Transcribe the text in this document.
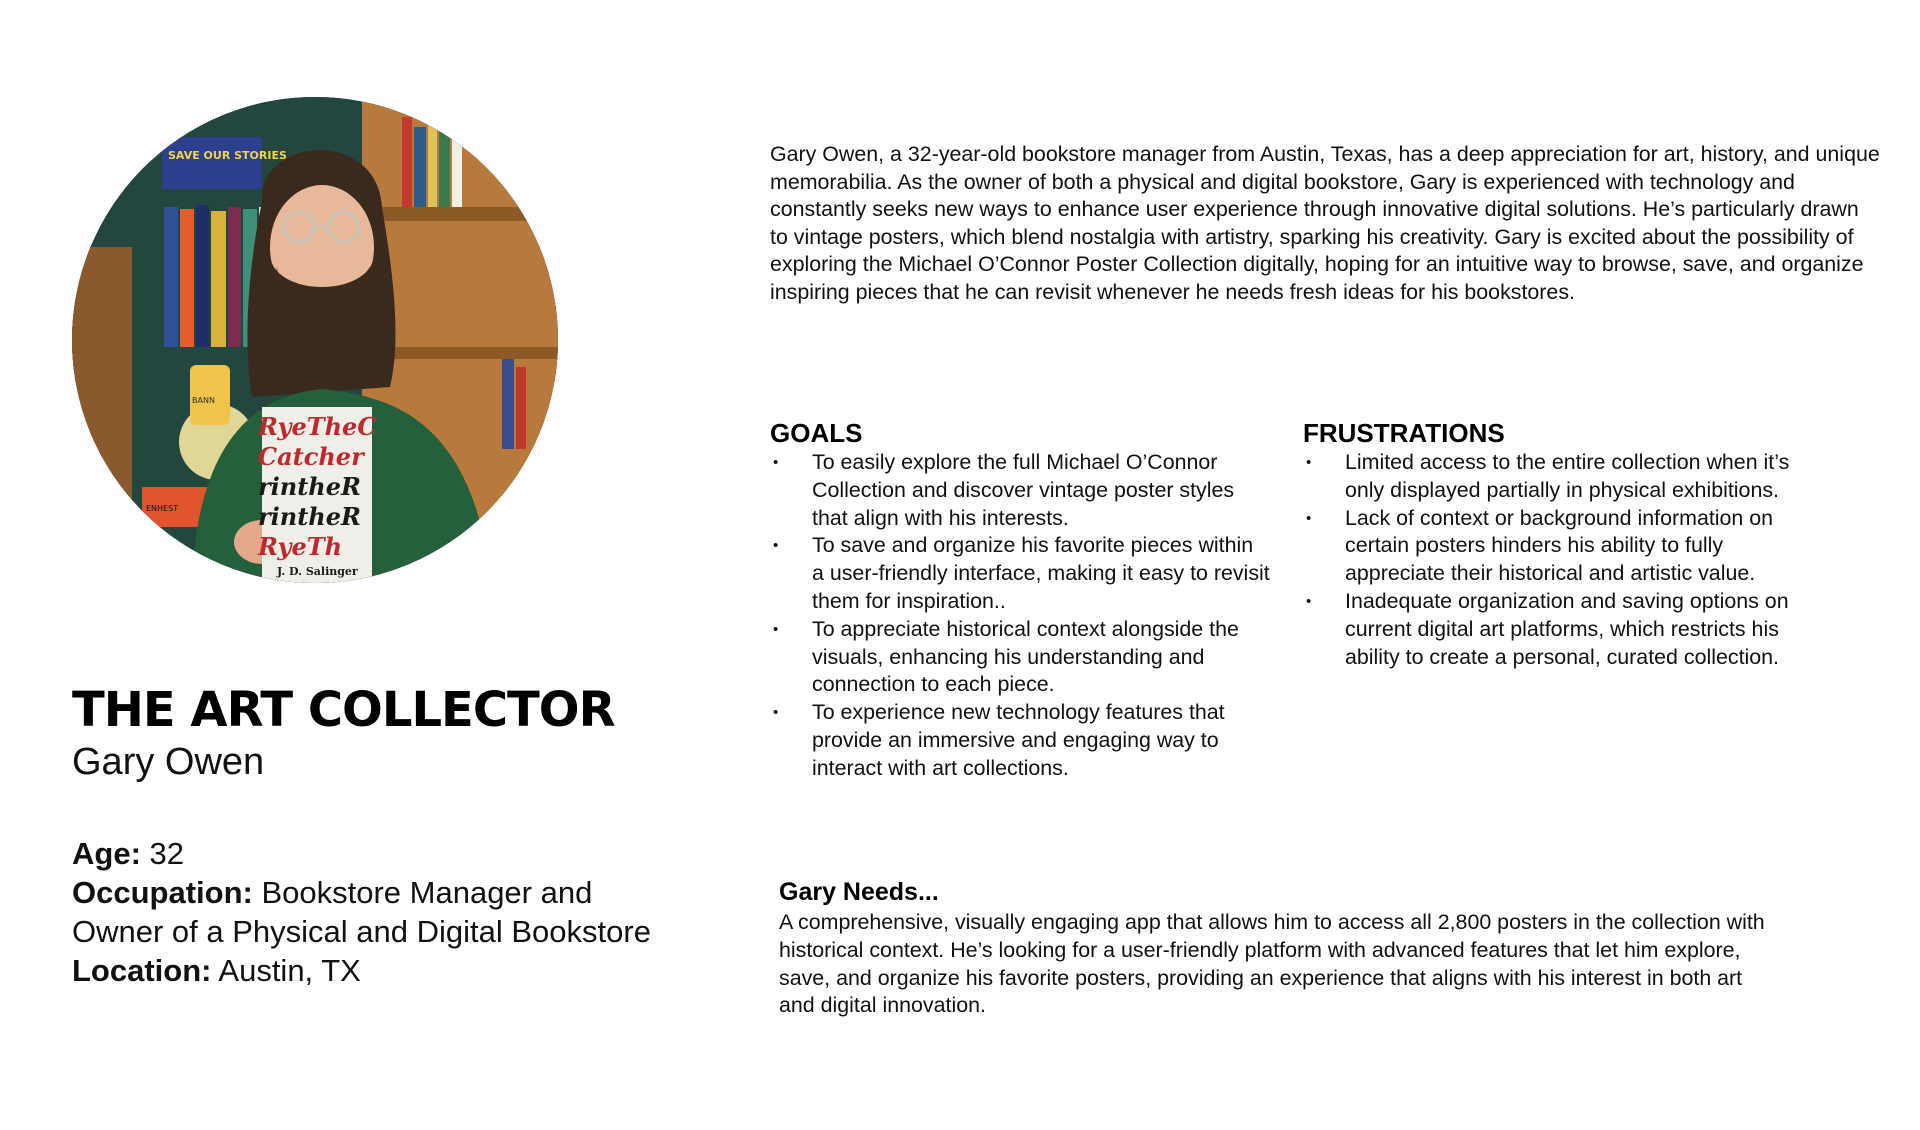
SAVE OUR STORIES
BANN
ENHEST
RyeTheC
Catcher
rintheR
rintheR
RyeTh
J. D. Salinger
THE ART COLLECTOR
Gary Owen
Age: 32
Occupation: Bookstore Manager and Owner of a Physical and Digital Bookstore
Location: Austin, TX

Gary Owen, a 32-year-old bookstore manager from Austin, Texas, has a deep appreciation for art, history, and unique memorabilia. As the owner of both a physical and digital bookstore, Gary is experienced with technology and constantly seeks new ways to enhance user experience through innovative digital solutions. He’s particularly drawn to vintage posters, which blend nostalgia with artistry, sparking his creativity. Gary is excited about the possibility of exploring the Michael O’Connor Poster Collection digitally, hoping for an intuitive way to browse, save, and organize inspiring pieces that he can revisit whenever he needs fresh ideas for his bookstores.

GOALS
• To easily explore the full Michael O’Connor Collection and discover vintage poster styles that align with his interests.
• To save and organize his favorite pieces within a user-friendly interface, making it easy to revisit them for inspiration..
• To appreciate historical context alongside the visuals, enhancing his understanding and connection to each piece.
• To experience new technology features that provide an immersive and engaging way to interact with art collections.
FRUSTRATIONS
• Limited access to the entire collection when it’s only displayed partially in physical exhibitions.
• Lack of context or background information on certain posters hinders his ability to fully appreciate their historical and artistic value.
• Inadequate organization and saving options on current digital art platforms, which restricts his ability to create a personal, curated collection.
Gary Needs...

A comprehensive, visually engaging app that allows him to access all 2,800 posters in the collection with historical context. He’s looking for a user-friendly platform with advanced features that let him explore, save, and organize his favorite posters, providing an experience that aligns with his interest in both art and digital innovation.
